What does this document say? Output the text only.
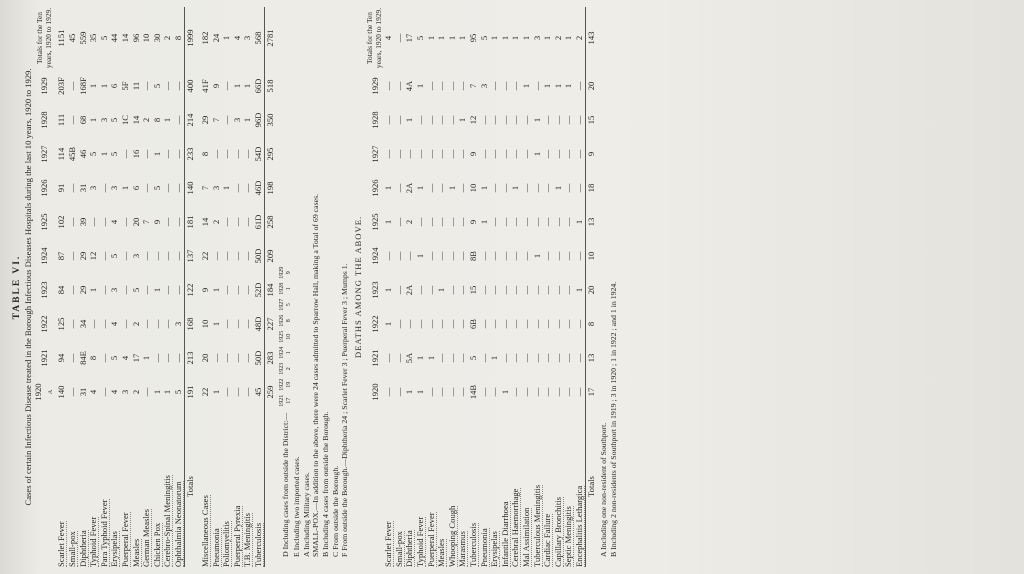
TABLE VI. Cases of certain Infectious Disease treated in the Borough Infectious Diseases Hospitals during the last 10 years, 1920 to 1929.
	1920 A	1921	1922	1923	1924	1925	1926	1927	1928	1929	Totals for the Ten years, 1920 to 1929.
Scarlet Fever	140	94	125	84	87	102	91	114	111	203F	1151
Small-pox	—	—	—	—	—	—	—	45B	—	—	45
Diphtheria	31	84E	34	29	29	39	31	46	68	168F	559
Typhoid Fever	4	8	—	1	12	—	3	5	1	1	35
Para Typhoid Fever	—	—	—	—	—	—	—	1	3	1	5
Erysipelas	4	5	4	3	5	4	3	5	5	6	44
Puerperal Fever	3	4	—	—	—	—	1	—	1C	5F	14
Measles	2	17	2	5	3	20	6	16	14	11	96
German Measles	—	1	—	—	—	7	—	—	2	—	10
Chicken Pox	1	—	—	1	—	9	5	1	8	5	30
Cerebro-Spinal Meningitis	1	—	—	—	—	—	—	—	1	—	2
Ophthalmia Neonatorum	5	—	3	—	—	—	—	—	—	—	8
Totals	191	213	168	122	137	181	140	233	214	400	1999

Miscellaneous Cases	22	20	10	9	22	14	7	8	29	41F	182
Pneumonia	1	—	1	1	—	2	3	—	7	9	24
Poliomyelitis	—	—	—	—	—	—	1	—	—	—	1
Puerperal Pyrexia	—	—	—	—	—	—	—	—	3	1	4
T.B. Meningitis	—	—	—	—	—	—	—	—	1	1	3
Tuberculosis	45	50D	48D	52D	50D	61D	46D	54D	96D	66D	568
	259	283	227	184	209	258	198	295	350	518	2781
D Including cases from outside the District:—
1921 17
1922 19
1923 2
1924 1
1925 10
1926 8
1927 5
1928 1
1929 9
E Including two imported cases. A Including Military cases. SMALL-POX.—In addition to the above, there were 24 cases admitted to Sparrow Hall, making a Total of 69 cases. B Including 4 cases from outside the Borough. C From outside the Borough. F From outside the Borough.—Diphtheria 24 ; Scarlet Fever 3 ; Puerperal Fever 3 ; Mumps 1. DEATHS AMONG THE ABOVE.
	1920	1921	1922	1923	1924	1925	1926	1927	1928	1929	Totals for the Ten years, 1920 to 1929.
Scarlet Fever	—	—	1	1	—	1	1	—	—	—	4
Small-pox	—	—	—	—	—	—	—	—	—	—	—
Diphtheria	1	5A	—	2A	—	2	2A	—	1	4A	17
Typhoid Fever	1	1	—	—	1	—	1	—	—	1	5
Puerperal Fever	—	1	—	—	—	—	—	—	—	—	1
Measles	—	—	—	1	—	—	—	—	—	—	1
Whooping Cough	—	—	—	—	—	—	1	—	—	—	1
Marasmus	—	—	—	—	—	—	—	—	1	—	1
Tuberculosis	14B	5	6B	15	8B	9	10	9	12	7	95
Pneumonia	—	—	—	—	—	1	1	—	—	3	5
Erysipelas	—	1	—	—	—	—	—	—	—	—	1
Infantile Diarrhoea	1	—	—	—	—	—	—	—	—	—	1
Cerebral Haemorrhage	—	—	—	—	—	—	1	—	—	—	1
Mal Assimilation	—	—	—	—	—	—	—	—	—	1	1
Tuberculous Meningitis	—	—	—	—	1	—	—	1	1	—	3
Cardiac Failure	—	—	—	—	—	—	—	—	—	1	1
Capillary Bronchitis	—	—	—	—	—	—	1	—	—	1	2
Septic Meningitis	—	—	—	—	—	—	—	—	—	1	1
Encephalitis Lethargica	—	—	—	1	—	1	—	—	—	—	2
Totals	17	13	8	20	10	13	18	9	15	20	143
A Including one non-resident of Southport. B Including 2 non-residents of Southport in 1919 ; 3 in 1920 ; 1 in 1922 ; and 1 in 1924.
